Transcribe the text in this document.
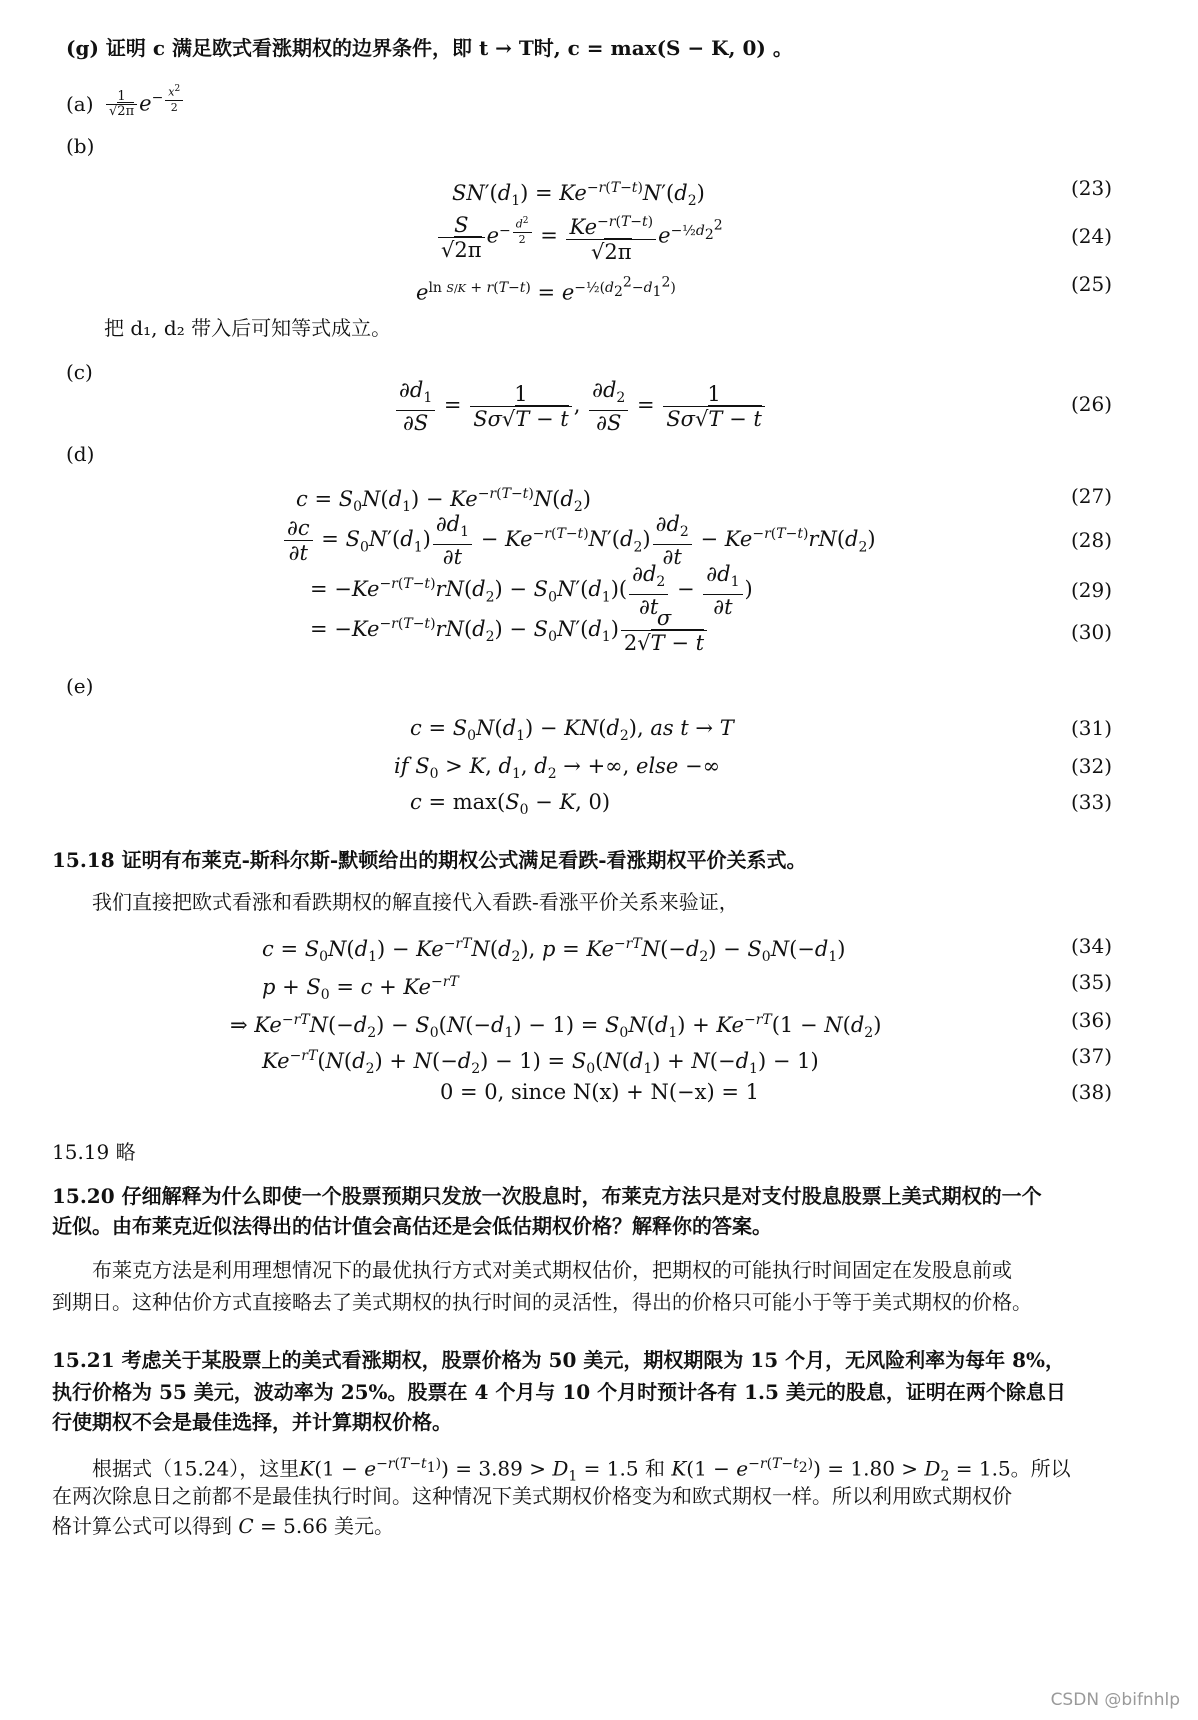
(g) 证明 c 满足欧式看涨期权的边界条件，即 t → T时, c = max(S − K, 0) 。
$(a) \frac{1}{√2\pi} e^{- \frac{x^2}{2}}$
(b)
$SN'(d_1) = Ke^{-r(T-t)}N'(d_2)$	(23)
$\frac{S}{√2\pi} e^{- \frac{d^2}{2}} = \frac{Ke^{-r(T-t)}}{√2\pi} e^{-\frac{1}{2}d_2^2}$	(24)
$e^{ln S/K + r(T-t)} = e^{-\frac{1}{2}(d_2^2-d_1^2)}$	(25)
把 d₁, d₂ 带入后可知等式成立。
(c)
$\frac{\partial d_1}{\partial S} = \frac{1}{S\sigma√T - t}$ , $\frac{\partial d_2}{\partial S} = \frac{1}{S\sigma√T - t}$	(26)
(d)
$c = S_0N(d_1) - Ke^{-r(T-t)}N(d_2)$	(27)
$\frac{\partial c}{\partial t} = S_0N'(d_1) \frac{\partial d_1}{\partial t} - Ke^{-r(T-t)}N'(d_2) \frac{\partial d_2}{\partial t} - Ke^{-r(T-t)}rN(d_2)$	(28)
= $-Ke^{-r(T-t)}rN(d_2) - S_0N'(d_1)( \frac{\partial d_2}{\partial t} - \frac{\partial d_1}{\partial t}$ )	(29)
= $-Ke^{-r(T-t)}rN(d_2) - S_0N'(d_1) \frac{\sigma}{2√T - t}$	(30)
(e)
$c = S_0N(d_1) - KN(d_2)$, as t → T	(31)
if $S_0 > K$, $d_1$, $d_2$ → +∞, else −∞	(32)
$c = \max(S_0 - K$, 0)	(33)
15.18 证明有布莱克-斯科尔斯-默顿给出的期权公式满足看跌-看涨期权平价关系式。
我们直接把欧式看涨和看跌期权的解直接代入看跌-看涨平价关系来验证，
$c = S_0N(d_1) - Ke^{-rT}N(d_2)$, $p = Ke^{-rT}N(-d_2) - S_0N(-d_1)$	(34)
$p + S_0 = c + Ke^{-rT}$	(35)
⇒ $Ke^{-rT}N(-d_2) - S_0(N(-d_1) - 1) = S_0N(d_1) + Ke^{-rT}(1 - N(d_2)$	(36)
$Ke^{-rT}(N(d_2) + N(-d_2) - 1) = S_0(N(d_1) + N(-d_1) - 1)$	(37)
0 = 0, since N(x) + N(−x) = 1	(38)
15.19 略
15.20 仔细解释为什么即使一个股票预期只发放一次股息时，布莱克方法只是对支付股息股票上美式期权的一个
近似。由布莱克近似法得出的估计值会高估还是会低估期权价格？解释你的答案。
布莱克方法是利用理想情况下的最优执行方式对美式期权估价，把期权的可能执行时间固定在发股息前或
到期日。这种估价方式直接略去了美式期权的执行时间的灵活性，得出的价格只可能小于等于美式期权的价格。
15.21 考虑关于某股票上的美式看涨期权，股票价格为 50 美元，期权期限为 15 个月，无风险利率为每年 8%，
执行价格为 55 美元，波动率为 25%。股票在 4 个月与 10 个月时预计各有 1.5 美元的股息，证明在两个除息日
行使期权不会是最佳选择，并计算期权价格。
根据式（15.24），这里$K(1 - e^{-r(T-t_1)}) = 3.89 > D_1 = 1.5$ 和 $K(1 - e^{-r(T-t_2)}) = 1.80 > D_2 = 1.5$。所以
在两次除息日之前都不是最佳执行时间。这种情况下美式期权价格变为和欧式期权一样。所以利用欧式期权价
格计算公式可以得到 C = 5.66 美元。
CSDN @bifnhlp
